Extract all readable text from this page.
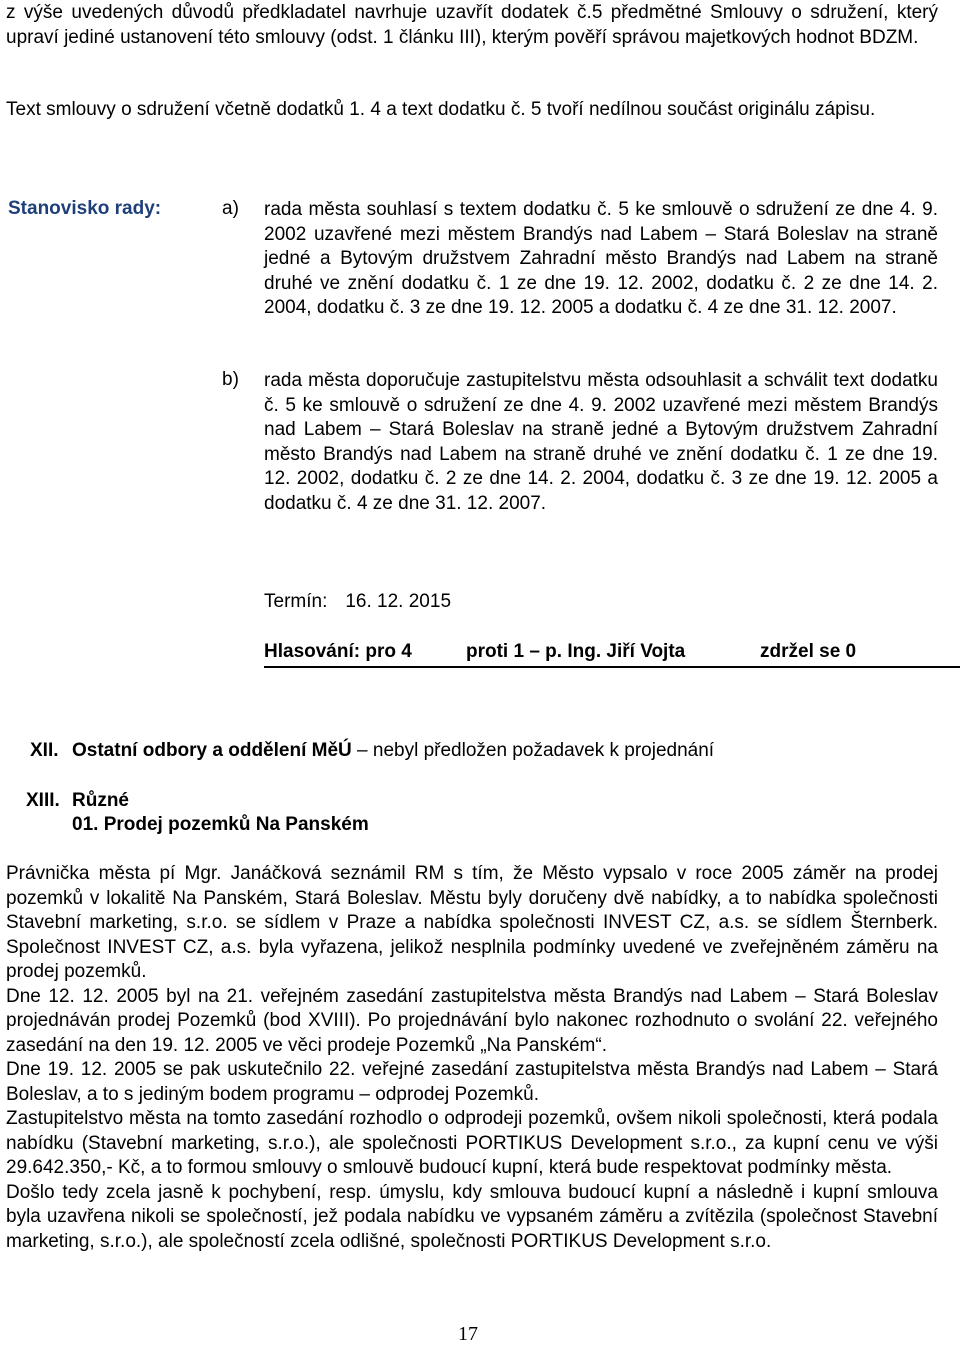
z výše uvedených důvodů předkladatel navrhuje uzavřít dodatek č.5 předmětné Smlouvy o sdružení, který upraví jediné ustanovení této smlouvy (odst. 1 článku III), kterým pověří správou majetkových hodnot BDZM.

Text smlouvy o sdružení včetně dodatků 1. 4 a text dodatku č. 5 tvoří nedílnou součást originálu zápisu.

Stanovisko rady:	a) rada města souhlasí s textem dodatku č. 5 ke smlouvě o sdružení ze dne 4. 9. 2002 uzavřené mezi městem Brandýs nad Labem – Stará Boleslav na straně jedné a Bytovým družstvem Zahradní město Brandýs nad Labem na straně druhé ve znění dodatku č. 1 ze dne 19. 12. 2002, dodatku č. 2 ze dne 14. 2. 2004, dodatku č. 3 ze dne 19. 12. 2005 a dodatku č. 4 ze dne 31. 12. 2007.
b) rada města doporučuje zastupitelstvu města odsouhlasit a schválit text dodatku č. 5 ke smlouvě o sdružení ze dne 4. 9. 2002 uzavřené mezi městem Brandýs nad Labem – Stará Boleslav na straně jedné a Bytovým družstvem Zahradní město Brandýs nad Labem na straně druhé ve znění dodatku č. 1 ze dne 19. 12. 2002, dodatku č. 2 ze dne 14. 2. 2004, dodatku č. 3 ze dne 19. 12. 2005 a dodatku č. 4 ze dne 31. 12. 2007.
Termín: 16. 12. 2015
Hlasování: pro 4	proti 1 – p. Ing. Jiří Vojta	zdržel se 0
XII. Ostatní odbory a oddělení MěÚ – nebyl předložen požadavek k projednání
XIII. Různé
01. Prodej pozemků Na Panském

Právnička města pí Mgr. Janáčková seznámil RM s tím, že Město vypsalo v roce 2005 záměr na prodej pozemků v lokalitě Na Panském, Stará Boleslav. Městu byly doručeny dvě nabídky, a to nabídka společnosti Stavební marketing, s.r.o. se sídlem v Praze a nabídka společnosti INVEST CZ, a.s. se sídlem Šternberk. Společnost INVEST CZ, a.s. byla vyřazena, jelikož nesplnila podmínky uvedené ve zveřejněném záměru na prodej pozemků.

Dne 12. 12. 2005 byl na 21. veřejném zasedání zastupitelstva města Brandýs nad Labem – Stará Boleslav projednáván prodej Pozemků (bod XVIII). Po projednávání bylo nakonec rozhodnuto o svolání 22. veřejného zasedání na den 19. 12. 2005 ve věci prodeje Pozemků „Na Panském“.

Dne 19. 12. 2005 se pak uskutečnilo 22. veřejné zasedání zastupitelstva města Brandýs nad Labem – Stará Boleslav, a to s jediným bodem programu – odprodej Pozemků.

Zastupitelstvo města na tomto zasedání rozhodlo o odprodeji pozemků, ovšem nikoli společnosti, která podala nabídku (Stavební marketing, s.r.o.), ale společnosti PORTIKUS Development s.r.o., za kupní cenu ve výši 29.642.350,- Kč, a to formou smlouvy o smlouvě budoucí kupní, která bude respektovat podmínky města.

Došlo tedy zcela jasně k pochybení, resp. úmyslu, kdy smlouva budoucí kupní a následně i kupní smlouva byla uzavřena nikoli se společností, jež podala nabídku ve vypsaném záměru a zvítězila (společnost Stavební marketing, s.r.o.), ale společností zcela odlišné, společnosti PORTIKUS Development s.r.o.

17
